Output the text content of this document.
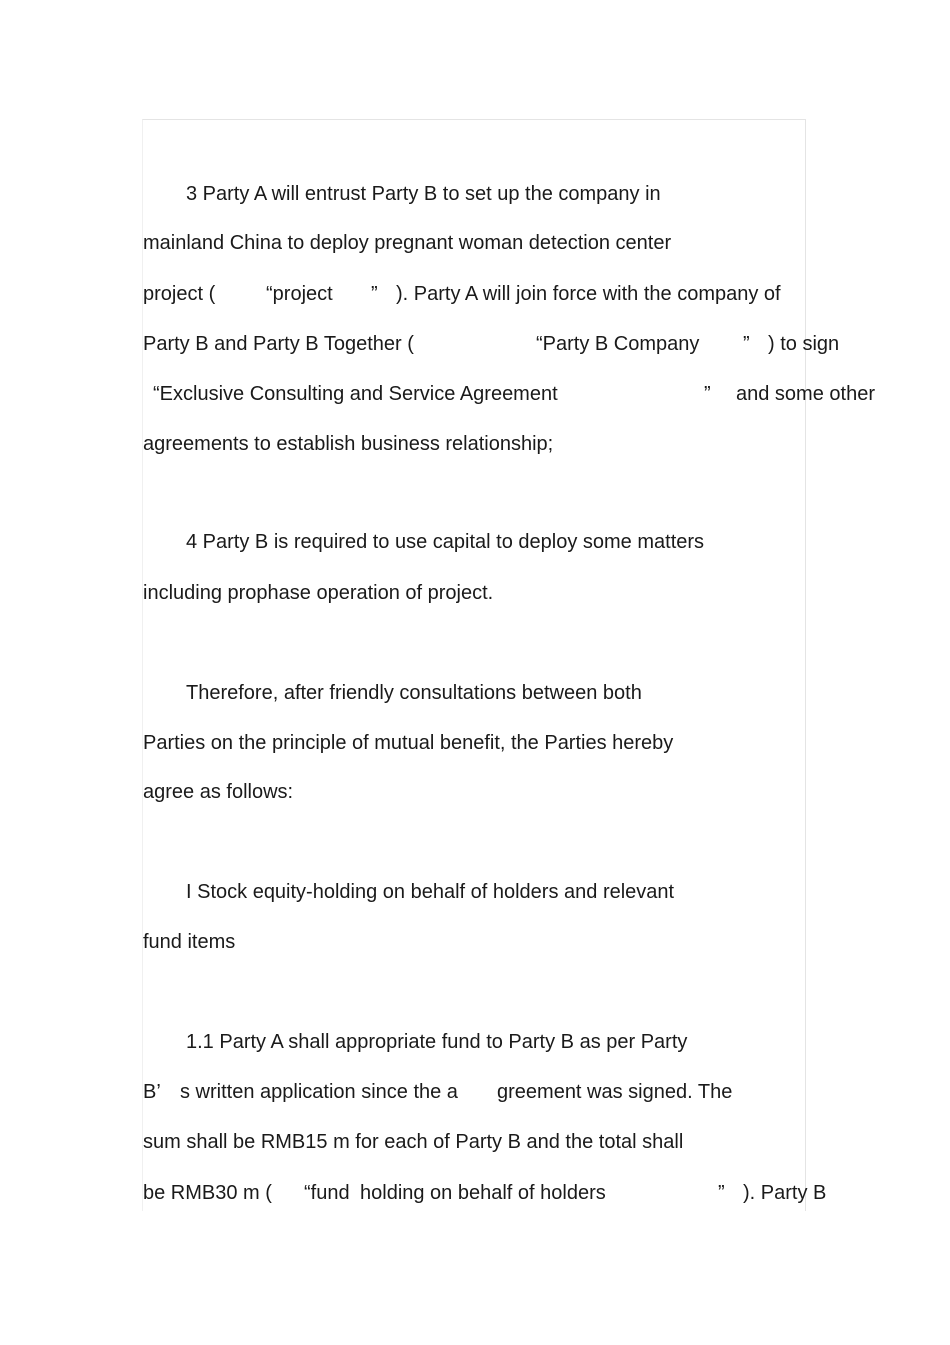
3 Party A will entrust Party B to set up the company in

mainland China to deploy pregnant woman detection center

project (	“project ” ). Party A will join force with the company of
Party B and Party B Together (	“Party B Company ” ) to sign
“Exclusive Consulting and Service Agreement	” and some other

agreements to establish business relationship;

4 Party B is required to use capital to deploy some matters

including prophase operation of project.

Therefore, after friendly consultations between both

Parties on the principle of mutual benefit, the Parties hereby

agree as follows:

I Stock equity-holding on behalf of holders and relevant

fund items

1.1 Party A shall appropriate fund to Party B as per Party

B’ s written application since the a greement was signed. The

sum shall be RMB15 m for each of Party B and the total shall

be RMB30 m ( “fund holding on behalf of holders	” ). Party B
